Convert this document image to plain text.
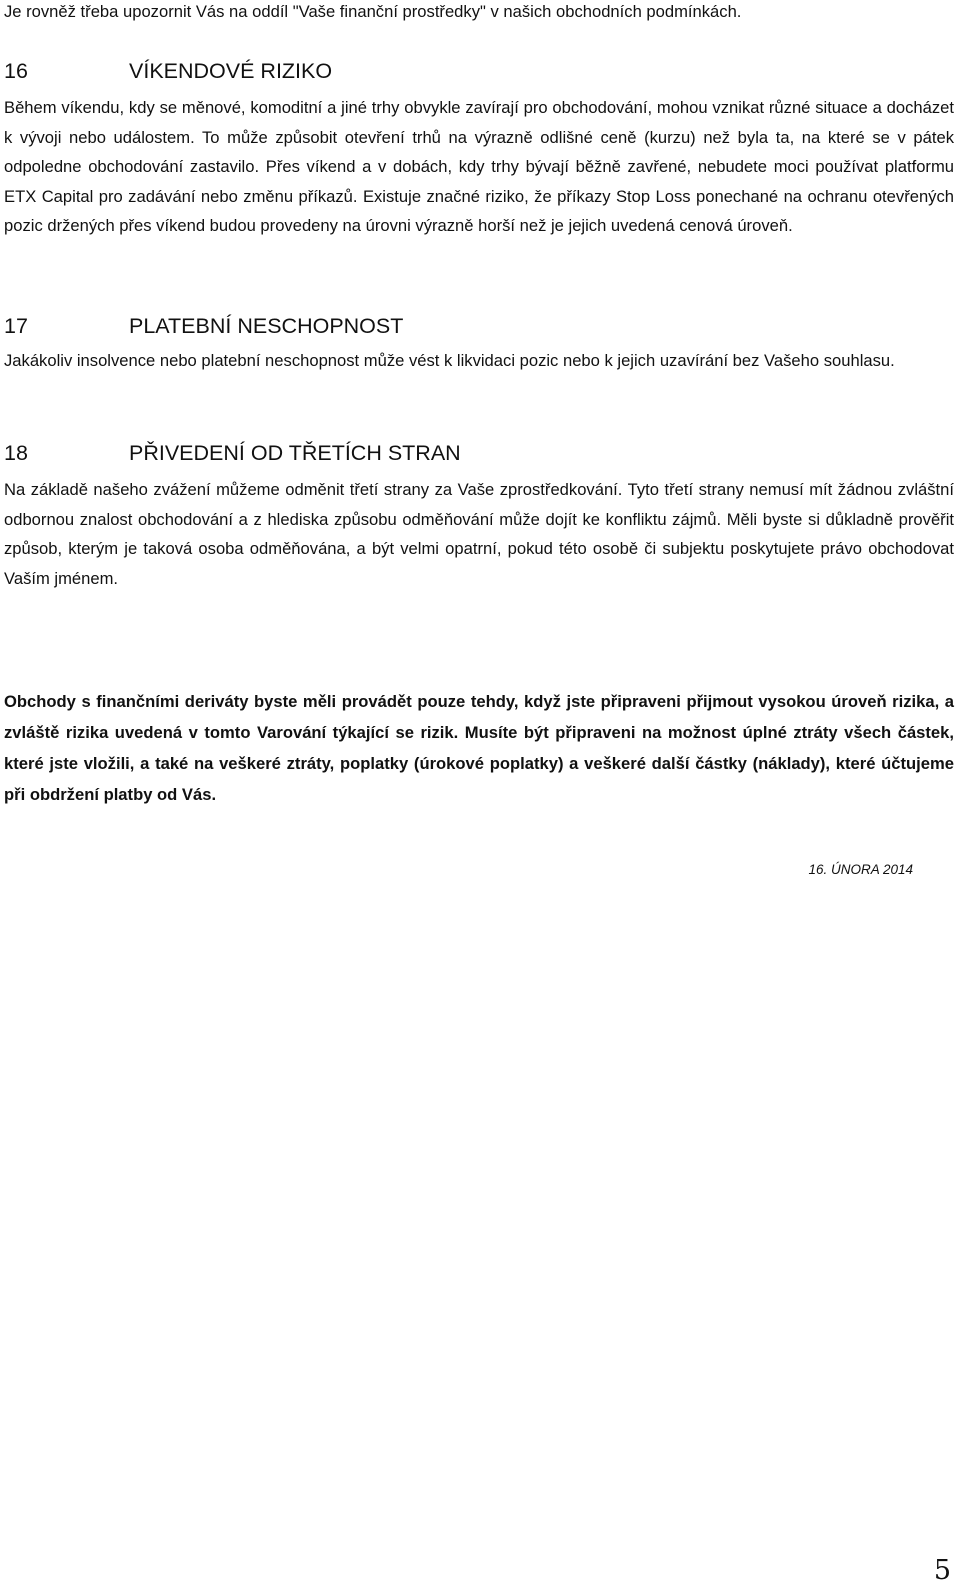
Je rovněž třeba upozornit Vás na oddíl "Vaše finanční prostředky" v našich obchodních podmínkách.
16	VÍKENDOVÉ RIZIKO

Během víkendu, kdy se měnové, komoditní a jiné trhy obvykle zavírají pro obchodování, mohou vznikat různé situace a docházet k vývoji nebo událostem. To může způsobit otevření trhů na výrazně odlišné ceně (kurzu) než byla ta, na které se v pátek odpoledne obchodování zastavilo. Přes víkend a v dobách, kdy trhy bývají běžně zavřené, nebudete moci používat platformu ETX Capital pro zadávání nebo změnu příkazů. Existuje značné riziko, že příkazy Stop Loss ponechané na ochranu otevřených pozic držených přes víkend budou provedeny na úrovni výrazně horší než je jejich uvedená cenová úroveň.

17	PLATEBNÍ NESCHOPNOST

Jakákoliv insolvence nebo platební neschopnost může vést k likvidaci pozic nebo k jejich uzavírání bez Vašeho souhlasu.

18	PŘIVEDENÍ OD TŘETÍCH STRAN

Na základě našeho zvážení můžeme odměnit třetí strany za Vaše zprostředkování. Tyto třetí strany nemusí mít žádnou zvláštní odbornou znalost obchodování a z hlediska způsobu odměňování může dojít ke konfliktu zájmů. Měli byste si důkladně prověřit způsob, kterým je taková osoba odměňována, a být velmi opatrní, pokud této osobě či subjektu poskytujete právo obchodovat Vaším jménem.

Obchody s finančními deriváty byste měli provádět pouze tehdy, když jste připraveni přijmout vysokou úroveň rizika, a zvláště rizika uvedená v tomto Varování týkající se rizik. Musíte být připraveni na možnost úplné ztráty všech částek, které jste vložili, a také na veškeré ztráty, poplatky (úrokové poplatky) a veškeré další částky (náklady), které účtujeme při obdržení platby od Vás.

16. ÚNORA 2014
5
